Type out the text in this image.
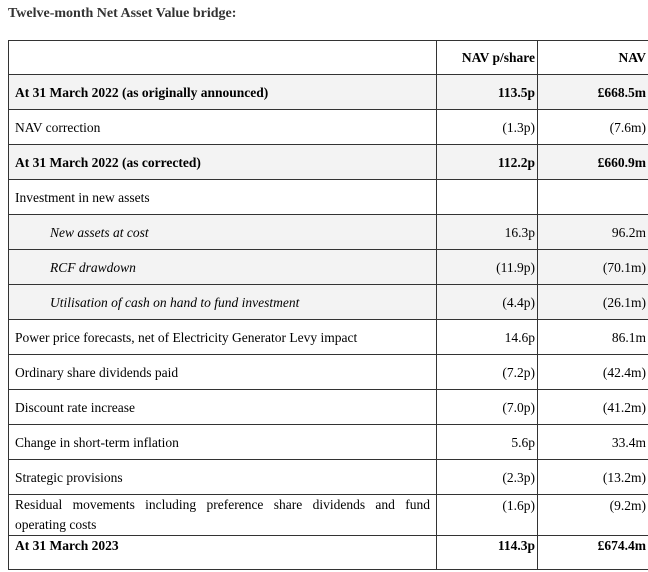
Twelve-month Net Asset Value bridge:
	NAV p/share	NAV
At 31 March 2022 (as originally announced)	113.5p	£668.5m
NAV correction	(1.3p)	(7.6m)
At 31 March 2022 (as corrected)	112.2p	£660.9m
Investment in new assets		
New assets at cost	16.3p	96.2m
RCF drawdown	(11.9p)	(70.1m)
Utilisation of cash on hand to fund investment	(4.4p)	(26.1m)
Power price forecasts, net of Electricity Generator Levy impact	14.6p	86.1m
Ordinary share dividends paid	(7.2p)	(42.4m)
Discount rate increase	(7.0p)	(41.2m)
Change in short-term inflation	5.6p	33.4m
Strategic provisions	(2.3p)	(13.2m)
Residual movements including preference share dividends and fund operating costs	(1.6p)	(9.2m)
At 31 March 2023	114.3p	£674.4m
